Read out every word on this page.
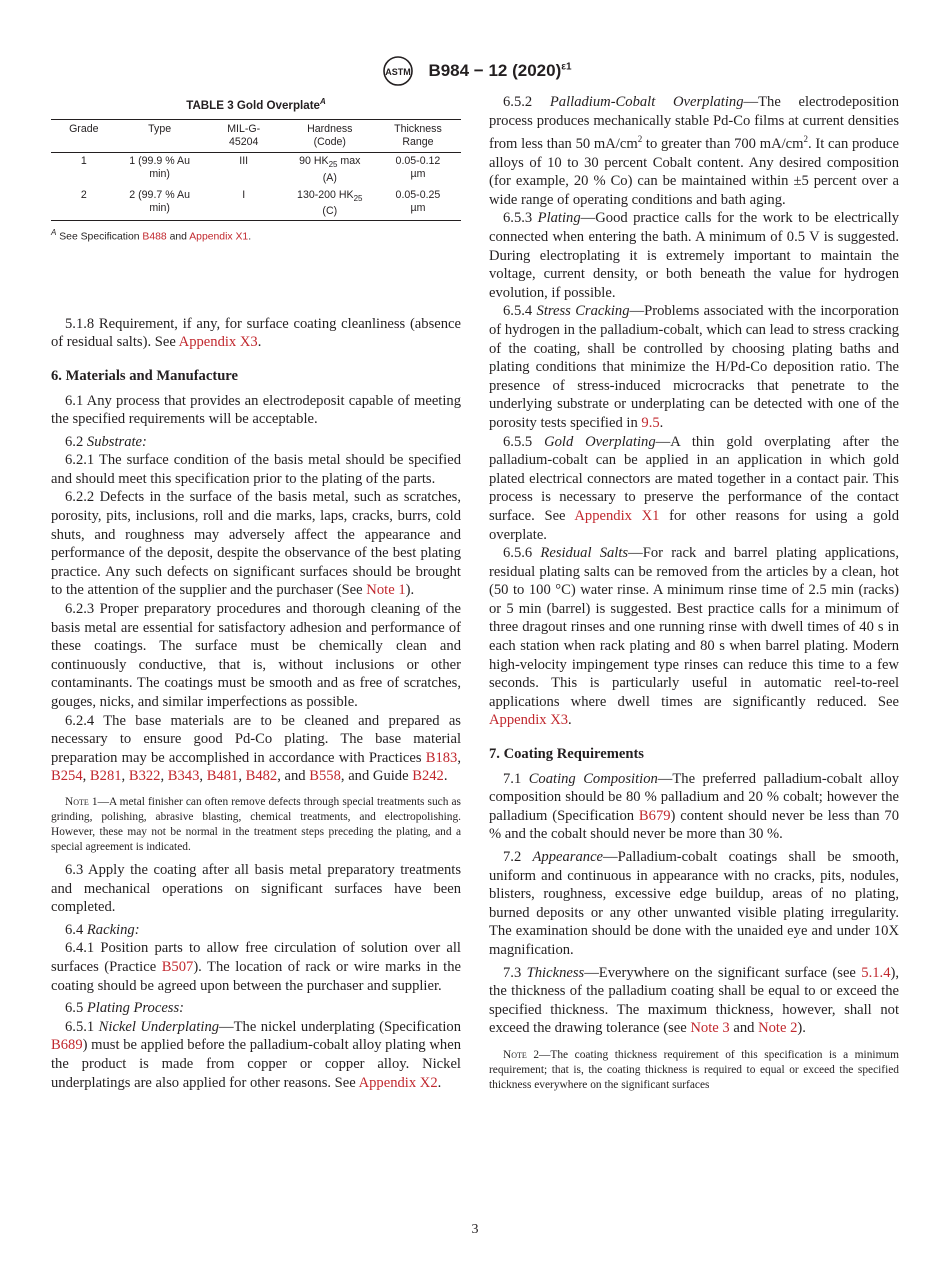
ASTM B984 − 12 $(2020)^{\varepsilon 1}$
TABLE 3 Gold Overplate$^A$
Grade	Type	MIL-G-45204	Hardness (Code)	Thickness Range

1	1 (99.9 % Au min)	III	90 $HK_{25}$ max (A)	0.05-0.12 µm

2	2 (99.7 % Au min)	I	130-200 $HK_{25}$ (C)	0.05-0.25 µm
$^A$ See Specification B488 and Appendix X1.

5.1.8 Requirement, if any, for surface coating cleanliness (absence of residual salts). See Appendix X3.

6. Materials and Manufacture

6.1 Any process that provides an electrodeposit capable of meeting the specified requirements will be acceptable.

6.2 Substrate:

6.2.1 The surface condition of the basis metal should be specified and should meet this specification prior to the plating of the parts.

6.2.2 Defects in the surface of the basis metal, such as scratches, porosity, pits, inclusions, roll and die marks, laps, cracks, burrs, cold shuts, and roughness may adversely affect the appearance and performance of the deposit, despite the observance of the best plating practice. Any such defects on significant surfaces should be brought to the attention of the supplier and the purchaser (See Note 1).

6.2.3 Proper preparatory procedures and thorough cleaning of the basis metal are essential for satisfactory adhesion and performance of these coatings. The surface must be chemically clean and continuously conductive, that is, without inclusions or other contaminants. The coatings must be smooth and as free of scratches, gouges, nicks, and similar imperfections as possible.

6.2.4 The base materials are to be cleaned and prepared as necessary to ensure good Pd-Co plating. The base material preparation may be accomplished in accordance with Practices B183, B254, B281, B322, B343, B481, B482, and B558, and Guide B242.

Note 1—A metal finisher can often remove defects through special treatments such as grinding, polishing, abrasive blasting, chemical treatments, and electropolishing. However, these may not be normal in the treatment steps preceding the plating, and a special agreement is indicated.

6.3 Apply the coating after all basis metal preparatory treatments and mechanical operations on significant surfaces have been completed.

6.4 Racking:

6.4.1 Position parts to allow free circulation of solution over all surfaces (Practice B507). The location of rack or wire marks in the coating should be agreed upon between the purchaser and supplier.

6.5 Plating Process:

6.5.1 Nickel Underplating—The nickel underplating (Specification B689) must be applied before the palladium-cobalt alloy plating when the product is made from copper or copper alloy. Nickel underplatings are also applied for other reasons. See Appendix X2.

6.5.2 Palladium-Cobalt Overplating—The electrodeposition process produces mechanically stable Pd-Co films at current densities from less than 50 $mA/cm^2$ to greater than 700 $mA/cm^2$. It can produce alloys of 10 to 30 percent Cobalt content. Any desired composition (for example, 20 % Co) can be maintained within ±5 percent over a wide range of operating conditions and bath aging.

6.5.3 Plating—Good practice calls for the work to be electrically connected when entering the bath. A minimum of 0.5 V is suggested. During electroplating it is extremely important to maintain the voltage, current density, or both beneath the value for hydrogen evolution, if possible.

6.5.4 Stress Cracking—Problems associated with the incorporation of hydrogen in the palladium-cobalt, which can lead to stress cracking of the coating, shall be controlled by choosing plating baths and plating conditions that minimize the H/Pd-Co deposition ratio. The presence of stress-induced microcracks that penetrate to the underlying substrate or underplating can be detected with one of the porosity tests specified in 9.5.

6.5.5 Gold Overplating—A thin gold overplating after the palladium-cobalt can be applied in an application in which gold plated electrical connectors are mated together in a contact pair. This process is necessary to preserve the performance of the contact surface. See Appendix X1 for other reasons for using a gold overplate.

6.5.6 Residual Salts—For rack and barrel plating applications, residual plating salts can be removed from the articles by a clean, hot (50 to 100 °C) water rinse. A minimum rinse time of 2.5 min (racks) or 5 min (barrel) is suggested. Best practice calls for a minimum of three dragout rinses and one running rinse with dwell times of 40 s in each station when rack plating and 80 s when barrel plating. Modern high-velocity impingement type rinses can reduce this time to a few seconds. This is particularly useful in automatic reel-to-reel applications where dwell times are significantly reduced. See Appendix X3.

7. Coating Requirements

7.1 Coating Composition—The preferred palladium-cobalt alloy composition should be 80 % palladium and 20 % cobalt; however the palladium (Specification B679) content should never be less than 70 % and the cobalt should never be more than 30 %.

7.2 Appearance—Palladium-cobalt coatings shall be smooth, uniform and continuous in appearance with no cracks, pits, nodules, blisters, roughness, excessive edge buildup, areas of no plating, burned deposits or any other unwanted visible plating irregularity. The examination should be done with the unaided eye and under 10X magnification.

7.3 Thickness—Everywhere on the significant surface (see 5.1.4), the thickness of the palladium coating shall be equal to or exceed the specified thickness. The maximum thickness, however, shall not exceed the drawing tolerance (see Note 3 and Note 2).

Note 2—The coating thickness requirement of this specification is a minimum requirement; that is, the coating thickness is required to equal or exceed the specified thickness everywhere on the significant surfaces

3
